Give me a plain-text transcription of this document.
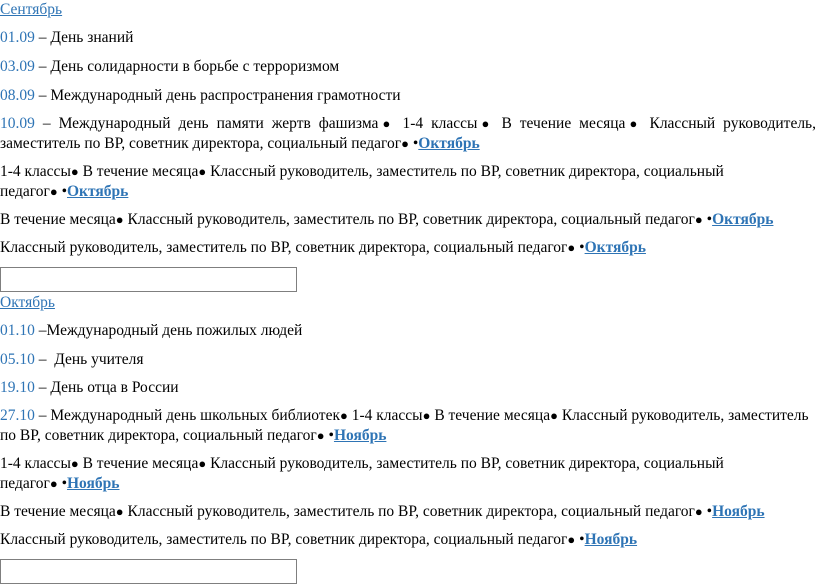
Сентябрь
01.09 – День знаний
03.09 – День солидарности в борьбе с терроризмом
08.09 – Международный день распространения грамотности
10.09 – Международный день памяти жертв фашизма● 1-4 классы● В течение месяца● Классный руководитель,
заместитель по ВР, советник директора, социальный педагог● •Октябрь
1-4 классы● В течение месяца● Классный руководитель, заместитель по ВР, советник директора, социальный
педагог● •Октябрь
В течение месяца● Классный руководитель, заместитель по ВР, советник директора, социальный педагог● •Октябрь
Классный руководитель, заместитель по ВР, советник директора, социальный педагог● •Октябрь
Октябрь
01.10 –Международный день пожилых людей
05.10 –  День учителя
19.10 – День отца в России
27.10 – Международный день школьных библиотек● 1-4 классы● В течение месяца● Классный руководитель, заместитель
по ВР, советник директора, социальный педагог● •Ноябрь
1-4 классы● В течение месяца● Классный руководитель, заместитель по ВР, советник директора, социальный
педагог● •Ноябрь
В течение месяца● Классный руководитель, заместитель по ВР, советник директора, социальный педагог● •Ноябрь
Классный руководитель, заместитель по ВР, советник директора, социальный педагог● •Ноябрь
